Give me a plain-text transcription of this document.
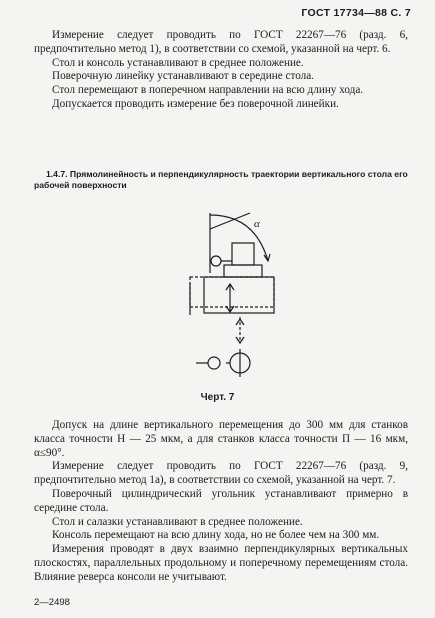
ГОСТ 17734—88 С. 7

Измерение следует проводить по ГОСТ 22267—76 (разд. 6, предпочтительно метод 1), в соответствии со схемой, указанной на черт. 6.

Стол и консоль устанавливают в среднее положение.

Поверочную линейку устанавливают в середине стола.

Стол перемещают в поперечном направлении на всю длину хода.

Допускается проводить измерение без поверочной линейки.

1.4.7. Прямолинейность и перпендикулярность траектории вертикального стола его рабочей поверхности
α
Черт. 7

Допуск на длине вертикального перемещения до 300 мм для станков класса точности Н — 25 мкм, а для станков класса точности П — 16 мкм, α≤90°.

Измерение следует проводить по ГОСТ 22267—76 (разд. 9, предпочтительно метод 1а), в соответствии со схемой, указанной на черт. 7.

Поверочный цилиндрический угольник устанавливают примерно в середине стола.

Стол и салазки устанавливают в среднее положение.

Консоль перемещают на всю длину хода, но не более чем на 300 мм.

Измерения проводят в двух взаимно перпендикулярных вертикальных плоскостях, параллельных продольному и поперечному перемещениям стола. Влияние реверса консоли не учитывают.

2—2498
